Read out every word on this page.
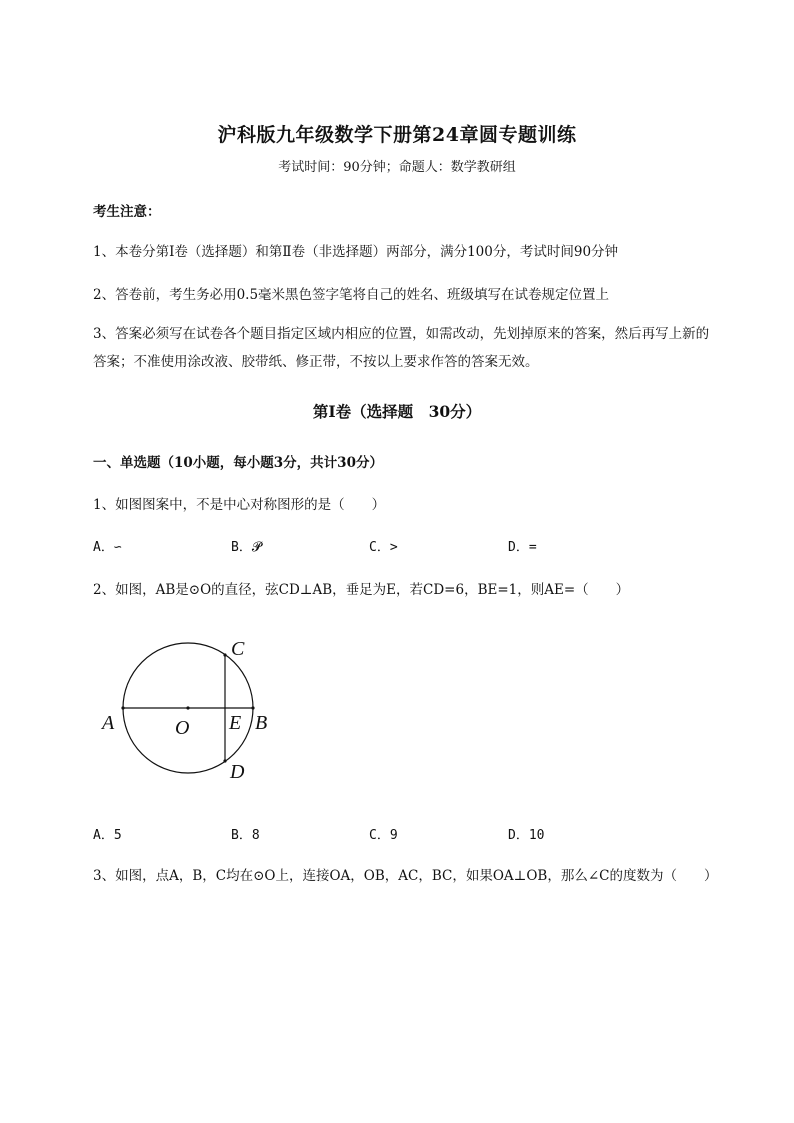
沪科版九年级数学下册第24章圆专题训练
考试时间：90分钟；命题人：数学教研组
考生注意：
1、本卷分第I卷（选择题）和第Ⅱ卷（非选择题）两部分，满分100分，考试时间90分钟
2、答卷前，考生务必用0.5毫米黑色签字笔将自己的姓名、班级填写在试卷规定位置上
3、答案必须写在试卷各个题目指定区域内相应的位置，如需改动，先划掉原来的答案，然后再写上新的答案；不准使用涂改液、胶带纸、修正带，不按以上要求作答的答案无效。
第I卷（选择题　30分）
一、单选题（10小题，每小题3分，共计30分）
1、如图图案中，不是中心对称图形的是（　　）
A．∽	B．𝓟	C．>	D．=
2、如图，AB是⊙O的直径，弦CD⊥AB，垂足为E，若CD=6，BE=1，则AE=（　　）
A	O E B
C
D
A．5	B．8	C．9	D．10
3、如图，点A，B，C均在⊙O上，连接OA，OB，AC，BC，如果OA⊥OB，那么∠C的度数为（　　）
